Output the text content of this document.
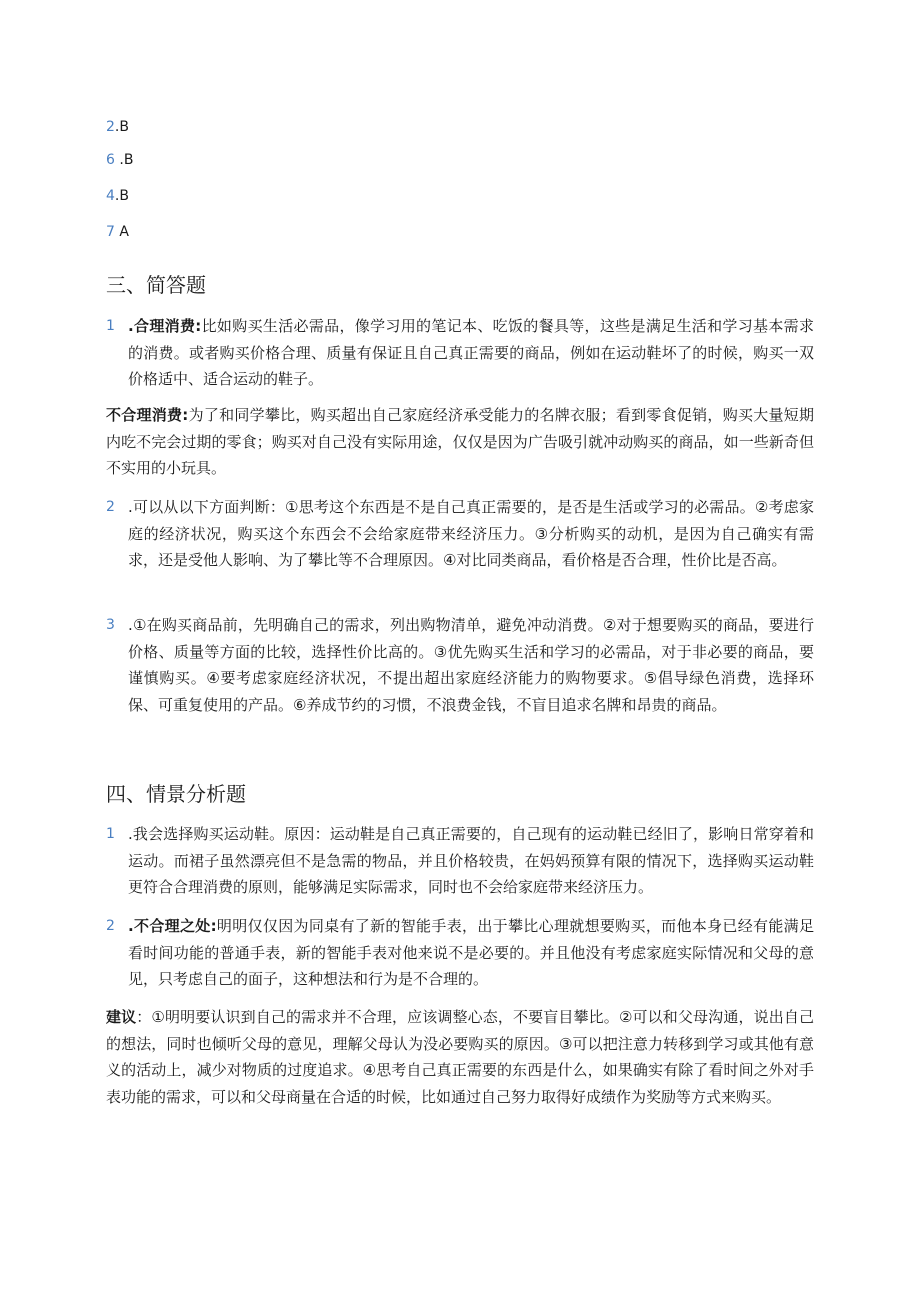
2.B
6 .B
4.B
7 A
三、简答题
1 .合理消费:比如购买生活必需品，像学习用的笔记本、吃饭的餐具等，这些是满足生活和学习基本需求的消费。或者购买价格合理、质量有保证且自己真正需要的商品，例如在运动鞋坏了的时候，购买一双价格适中、适合运动的鞋子。
不合理消费:为了和同学攀比，购买超出自己家庭经济承受能力的名牌衣服；看到零食促销，购买大量短期内吃不完会过期的零食；购买对自己没有实际用途，仅仅是因为广告吸引就冲动购买的商品，如一些新奇但不实用的小玩具。
2 .可以从以下方面判断：①思考这个东西是不是自己真正需要的，是否是生活或学习的必需品。②考虑家庭的经济状况，购买这个东西会不会给家庭带来经济压力。③分析购买的动机，是因为自己确实有需求，还是受他人影响、为了攀比等不合理原因。④对比同类商品，看价格是否合理，性价比是否高。
3 .①在购买商品前，先明确自己的需求，列出购物清单，避免冲动消费。②对于想要购买的商品，要进行价格、质量等方面的比较，选择性价比高的。③优先购买生活和学习的必需品，对于非必要的商品，要谨慎购买。④要考虑家庭经济状况，不提出超出家庭经济能力的购物要求。⑤倡导绿色消费，选择环保、可重复使用的产品。⑥养成节约的习惯，不浪费金钱，不盲目追求名牌和昂贵的商品。
四、情景分析题
1 .我会选择购买运动鞋。原因：运动鞋是自己真正需要的，自己现有的运动鞋已经旧了，影响日常穿着和运动。而裙子虽然漂亮但不是急需的物品，并且价格较贵，在妈妈预算有限的情况下，选择购买运动鞋更符合合理消费的原则，能够满足实际需求，同时也不会给家庭带来经济压力。
2 .不合理之处:明明仅仅因为同桌有了新的智能手表，出于攀比心理就想要购买，而他本身已经有能满足看时间功能的普通手表，新的智能手表对他来说不是必要的。并且他没有考虑家庭实际情况和父母的意见，只考虑自己的面子，这种想法和行为是不合理的。
建议：①明明要认识到自己的需求并不合理，应该调整心态，不要盲目攀比。②可以和父母沟通，说出自己的想法，同时也倾听父母的意见，理解父母认为没必要购买的原因。③可以把注意力转移到学习或其他有意义的活动上，减少对物质的过度追求。④思考自己真正需要的东西是什么，如果确实有除了看时间之外对手表功能的需求，可以和父母商量在合适的时候，比如通过自己努力取得好成绩作为奖励等方式来购买。
